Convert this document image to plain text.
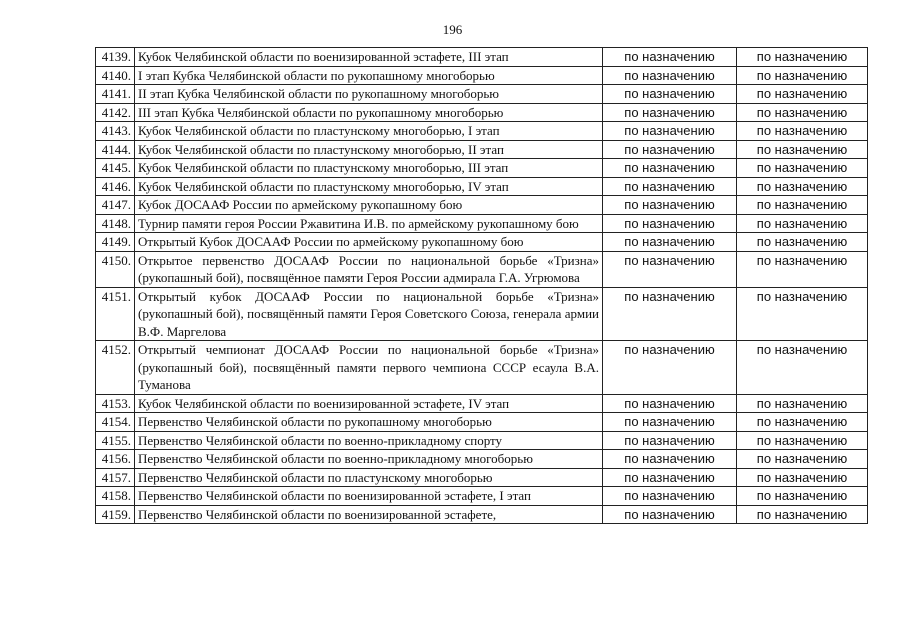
196
4139.	Кубок Челябинской области по военизированной эстафете, III этап	по назначению	по назначению
4140.	I этап Кубка Челябинской области по рукопашному многоборью	по назначению	по назначению
4141.	II этап Кубка Челябинской области по рукопашному многоборью	по назначению	по назначению
4142.	III этап Кубка Челябинской области по рукопашному многоборью	по назначению	по назначению
4143.	Кубок Челябинской области по пластунскому многоборью, I этап	по назначению	по назначению
4144.	Кубок Челябинской области по пластунскому многоборью, II этап	по назначению	по назначению
4145.	Кубок Челябинской области по пластунскому многоборью, III этап	по назначению	по назначению
4146.	Кубок Челябинской области по пластунскому многоборью, IV этап	по назначению	по назначению
4147.	Кубок ДОСААФ России по армейскому рукопашному бою	по назначению	по назначению
4148.	Турнир памяти героя России Ржавитина И.В. по армейскому рукопашному бою	по назначению	по назначению
4149.	Открытый Кубок ДОСААФ России по армейскому рукопашному бою	по назначению	по назначению
4150.	Открытое первенство ДОСААФ России по национальной борьбе «Тризна» (рукопашный бой), посвящённое памяти Героя России адмирала Г.А. Угрюмова	по назначению	по назначению
4151.	Открытый кубок ДОСААФ России по национальной борьбе «Тризна» (рукопашный бой), посвящённый памяти Героя Советского Союза, генерала армии В.Ф. Маргелова	по назначению	по назначению
4152.	Открытый чемпионат ДОСААФ России по национальной борьбе «Тризна» (рукопашный бой), посвящённый памяти первого чемпиона СССР есаула В.А. Туманова	по назначению	по назначению
4153.	Кубок Челябинской области по военизированной эстафете, IV этап	по назначению	по назначению
4154.	Первенство Челябинской области по рукопашному многоборью	по назначению	по назначению
4155.	Первенство Челябинской области по военно-прикладному спорту	по назначению	по назначению
4156.	Первенство Челябинской области по военно-прикладному многоборью	по назначению	по назначению
4157.	Первенство Челябинской области по пластунскому многоборью	по назначению	по назначению
4158.	Первенство Челябинской области по военизированной эстафете, I этап	по назначению	по назначению
4159.	Первенство Челябинской области по военизированной эстафете,	по назначению	по назначению
